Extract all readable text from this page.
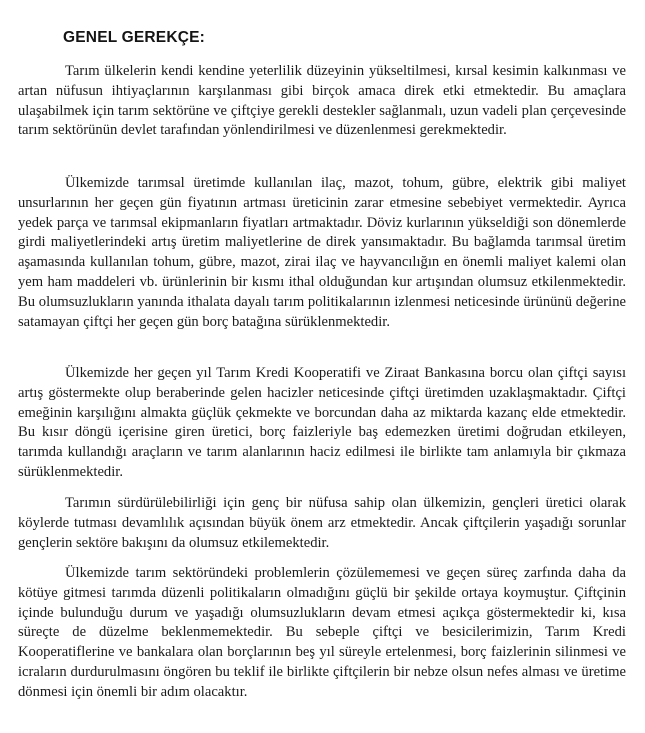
GENEL GEREKÇE:

Tarım ülkelerin kendi kendine yeterlilik düzeyinin yükseltilmesi, kırsal kesimin kalkınması ve artan nüfusun ihtiyaçlarının karşılanması gibi birçok amaca direk etki etmektedir. Bu amaçlara ulaşabilmek için tarım sektörüne ve çiftçiye gerekli destekler sağlanmalı, uzun vadeli plan çerçevesinde tarım sektörünün devlet tarafından yönlendirilmesi ve düzenlenmesi gerekmektedir.

Ülkemizde tarımsal üretimde kullanılan ilaç, mazot, tohum, gübre, elektrik gibi maliyet unsurlarının her geçen gün fiyatının artması üreticinin zarar etmesine sebebiyet vermektedir. Ayrıca yedek parça ve tarımsal ekipmanların fiyatları artmaktadır. Döviz kurlarının yükseldiği son dönemlerde girdi maliyetlerindeki artış üretim maliyetlerine de direk yansımaktadır. Bu bağlamda tarımsal üretim aşamasında kullanılan tohum, gübre, mazot, zirai ilaç ve hayvancılığın en önemli maliyet kalemi olan yem ham maddeleri vb. ürünlerinin bir kısmı ithal olduğundan kur artışından olumsuz etkilenmektedir. Bu olumsuzlukların yanında ithalata dayalı tarım politikalarının izlenmesi neticesinde ürününü değerine satamayan çiftçi her geçen gün borç batağına sürüklenmektedir.

Ülkemizde her geçen yıl Tarım Kredi Kooperatifi ve Ziraat Bankasına borcu olan çiftçi sayısı artış göstermekte olup beraberinde gelen hacizler neticesinde çiftçi üretimden uzaklaşmaktadır. Çiftçi emeğinin karşılığını almakta güçlük çekmekte ve borcundan daha az miktarda kazanç elde etmektedir. Bu kısır döngü içerisine giren üretici, borç faizleriyle baş edemezken üretimi doğrudan etkileyen, tarımda kullandığı araçların ve tarım alanlarının haciz edilmesi ile birlikte tam anlamıyla bir çıkmaza sürüklenmektedir.

Tarımın sürdürülebilirliği için genç bir nüfusa sahip olan ülkemizin, gençleri üretici olarak köylerde tutması devamlılık açısından büyük önem arz etmektedir. Ancak çiftçilerin yaşadığı sorunlar gençlerin sektöre bakışını da olumsuz etkilemektedir.

Ülkemizde tarım sektöründeki problemlerin çözülememesi ve geçen süreç zarfında daha da kötüye gitmesi tarımda düzenli politikaların olmadığını güçlü bir şekilde ortaya koymuştur. Çiftçinin içinde bulunduğu durum ve yaşadığı olumsuzlukların devam etmesi açıkça göstermektedir ki, kısa süreçte de düzelme beklenmemektedir. Bu sebeple çiftçi ve besicilerimizin, Tarım Kredi Kooperatiflerine ve bankalara olan borçlarının beş yıl süreyle ertelenmesi, borç faizlerinin silinmesi ve icraların durdurulmasını öngören bu teklif ile birlikte çiftçilerin bir nebze olsun nefes alması ve üretime dönmesi için önemli bir adım olacaktır.
